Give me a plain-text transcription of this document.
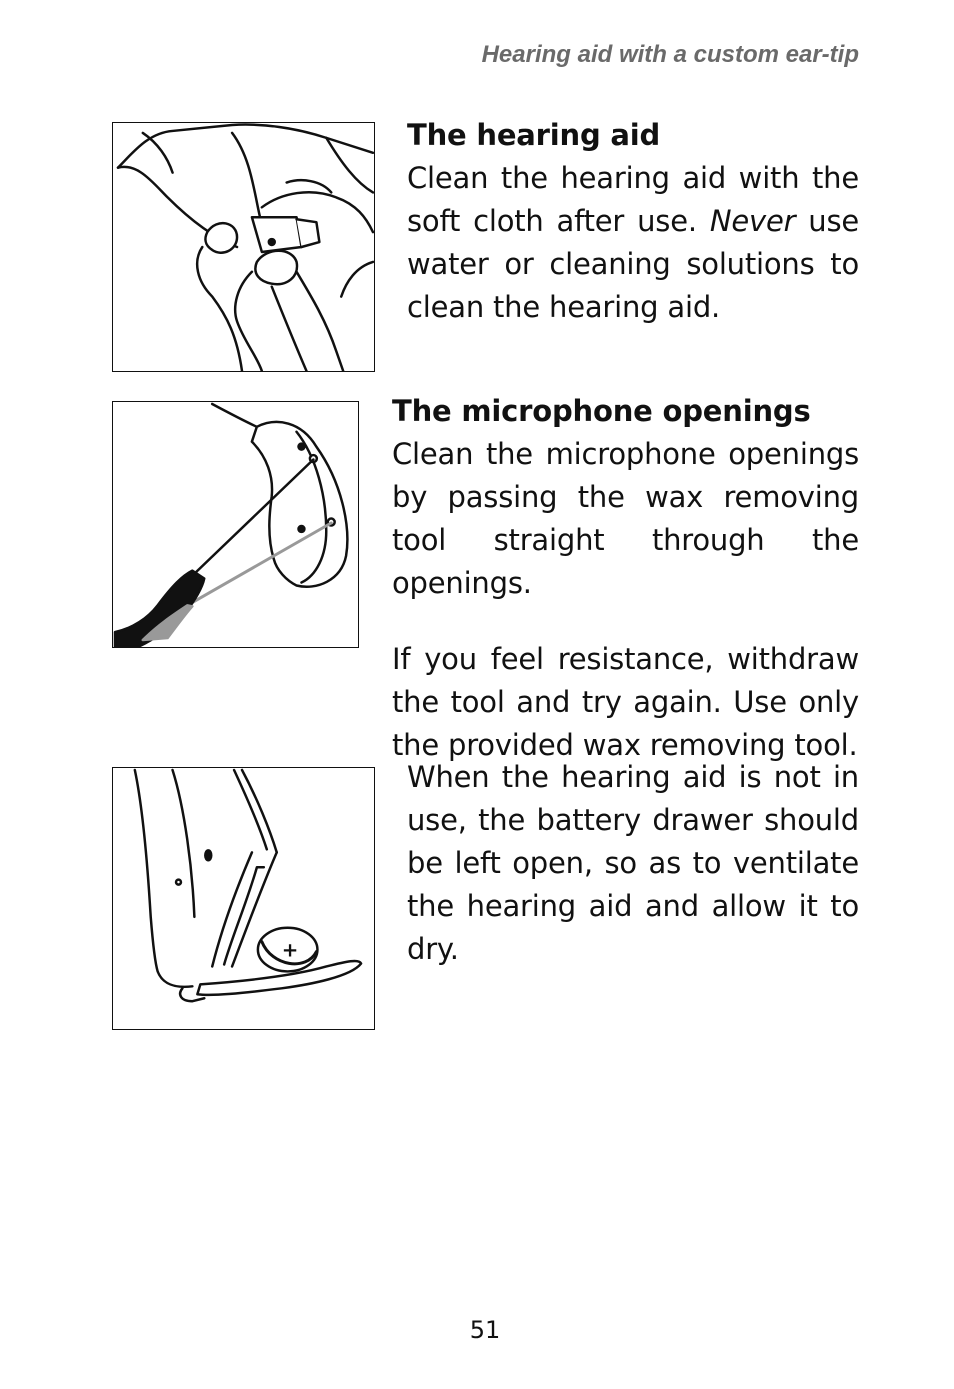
Hearing aid with a custom ear-tip
The hearing aid

Clean the hearing aid with the soft cloth after use. Never use water or cleaning solutions to clean the hearing aid.

The microphone openings

Clean the microphone openings by passing the wax removing tool straight through the openings.

If you feel resistance, withdraw the tool and try again. Use only the provided wax removing tool.

+

When the hearing aid is not in use, the battery drawer should be left open, so as to ventilate the hearing aid and allow it to dry.

51
